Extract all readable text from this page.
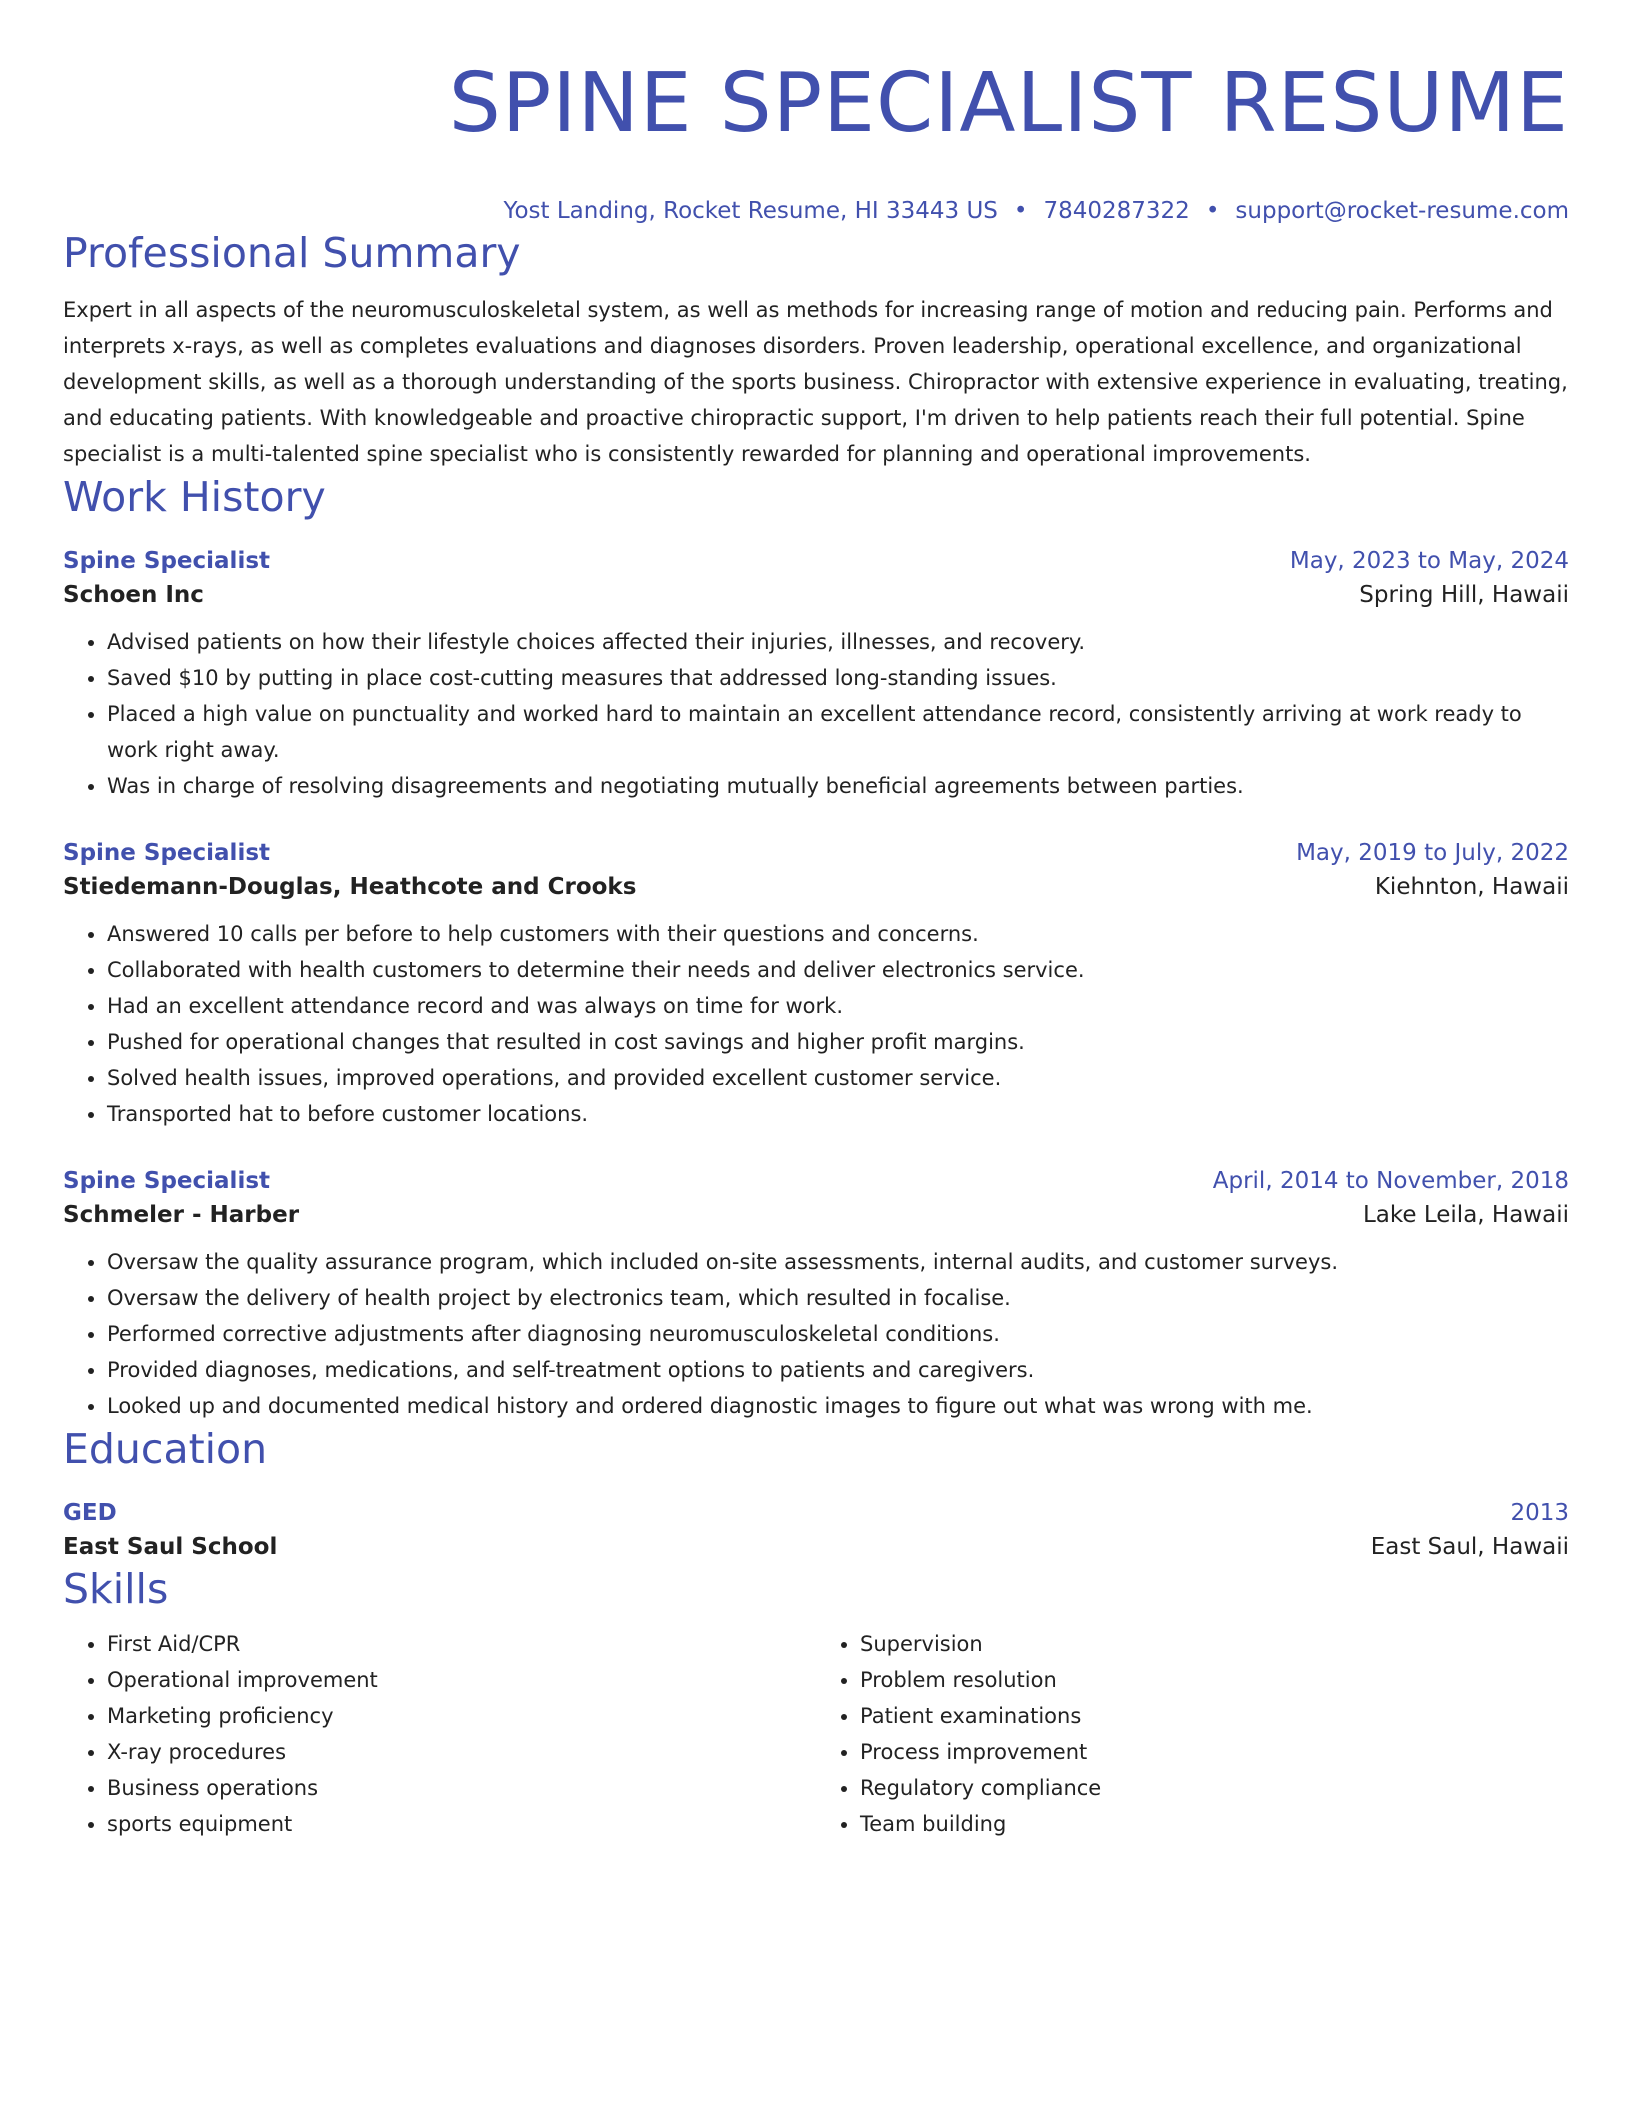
SPINE SPECIALIST RESUME
Yost Landing, Rocket Resume, HI 33443 US • 7840287322 • support@rocket-resume.com
Professional Summary
Expert in all aspects of the neuromusculoskeletal system, as well as methods for increasing range of motion and reducing pain. Performs and interprets x-rays, as well as completes evaluations and diagnoses disorders. Proven leadership, operational excellence, and organizational development skills, as well as a thorough understanding of the sports business. Chiropractor with extensive experience in evaluating, treating, and educating patients. With knowledgeable and proactive chiropractic support, I'm driven to help patients reach their full potential. Spine specialist is a multi-talented spine specialist who is consistently rewarded for planning and operational improvements.
Work History
Spine Specialist	May, 2023 to May, 2024
Schoen Inc	Spring Hill, Hawaii
• Advised patients on how their lifestyle choices affected their injuries, illnesses, and recovery.
• Saved $10 by putting in place cost-cutting measures that addressed long-standing issues.
• Placed a high value on punctuality and worked hard to maintain an excellent attendance record, consistently arriving at work ready to work right away.
• Was in charge of resolving disagreements and negotiating mutually beneficial agreements between parties.
Spine Specialist	May, 2019 to July, 2022
Stiedemann-Douglas, Heathcote and Crooks	Kiehnton, Hawaii
• Answered 10 calls per before to help customers with their questions and concerns.
• Collaborated with health customers to determine their needs and deliver electronics service.
• Had an excellent attendance record and was always on time for work.
• Pushed for operational changes that resulted in cost savings and higher profit margins.
• Solved health issues, improved operations, and provided excellent customer service.
• Transported hat to before customer locations.
Spine Specialist	April, 2014 to November, 2018
Schmeler - Harber	Lake Leila, Hawaii
• Oversaw the quality assurance program, which included on-site assessments, internal audits, and customer surveys.
• Oversaw the delivery of health project by electronics team, which resulted in focalise.
• Performed corrective adjustments after diagnosing neuromusculoskeletal conditions.
• Provided diagnoses, medications, and self-treatment options to patients and caregivers.
• Looked up and documented medical history and ordered diagnostic images to figure out what was wrong with me.
Education
GED	2013
East Saul School	East Saul, Hawaii
Skills
• First Aid/CPR
• Operational improvement
• Marketing proficiency
• X-ray procedures
• Business operations
• sports equipment
• Supervision
• Problem resolution
• Patient examinations
• Process improvement
• Regulatory compliance
• Team building
